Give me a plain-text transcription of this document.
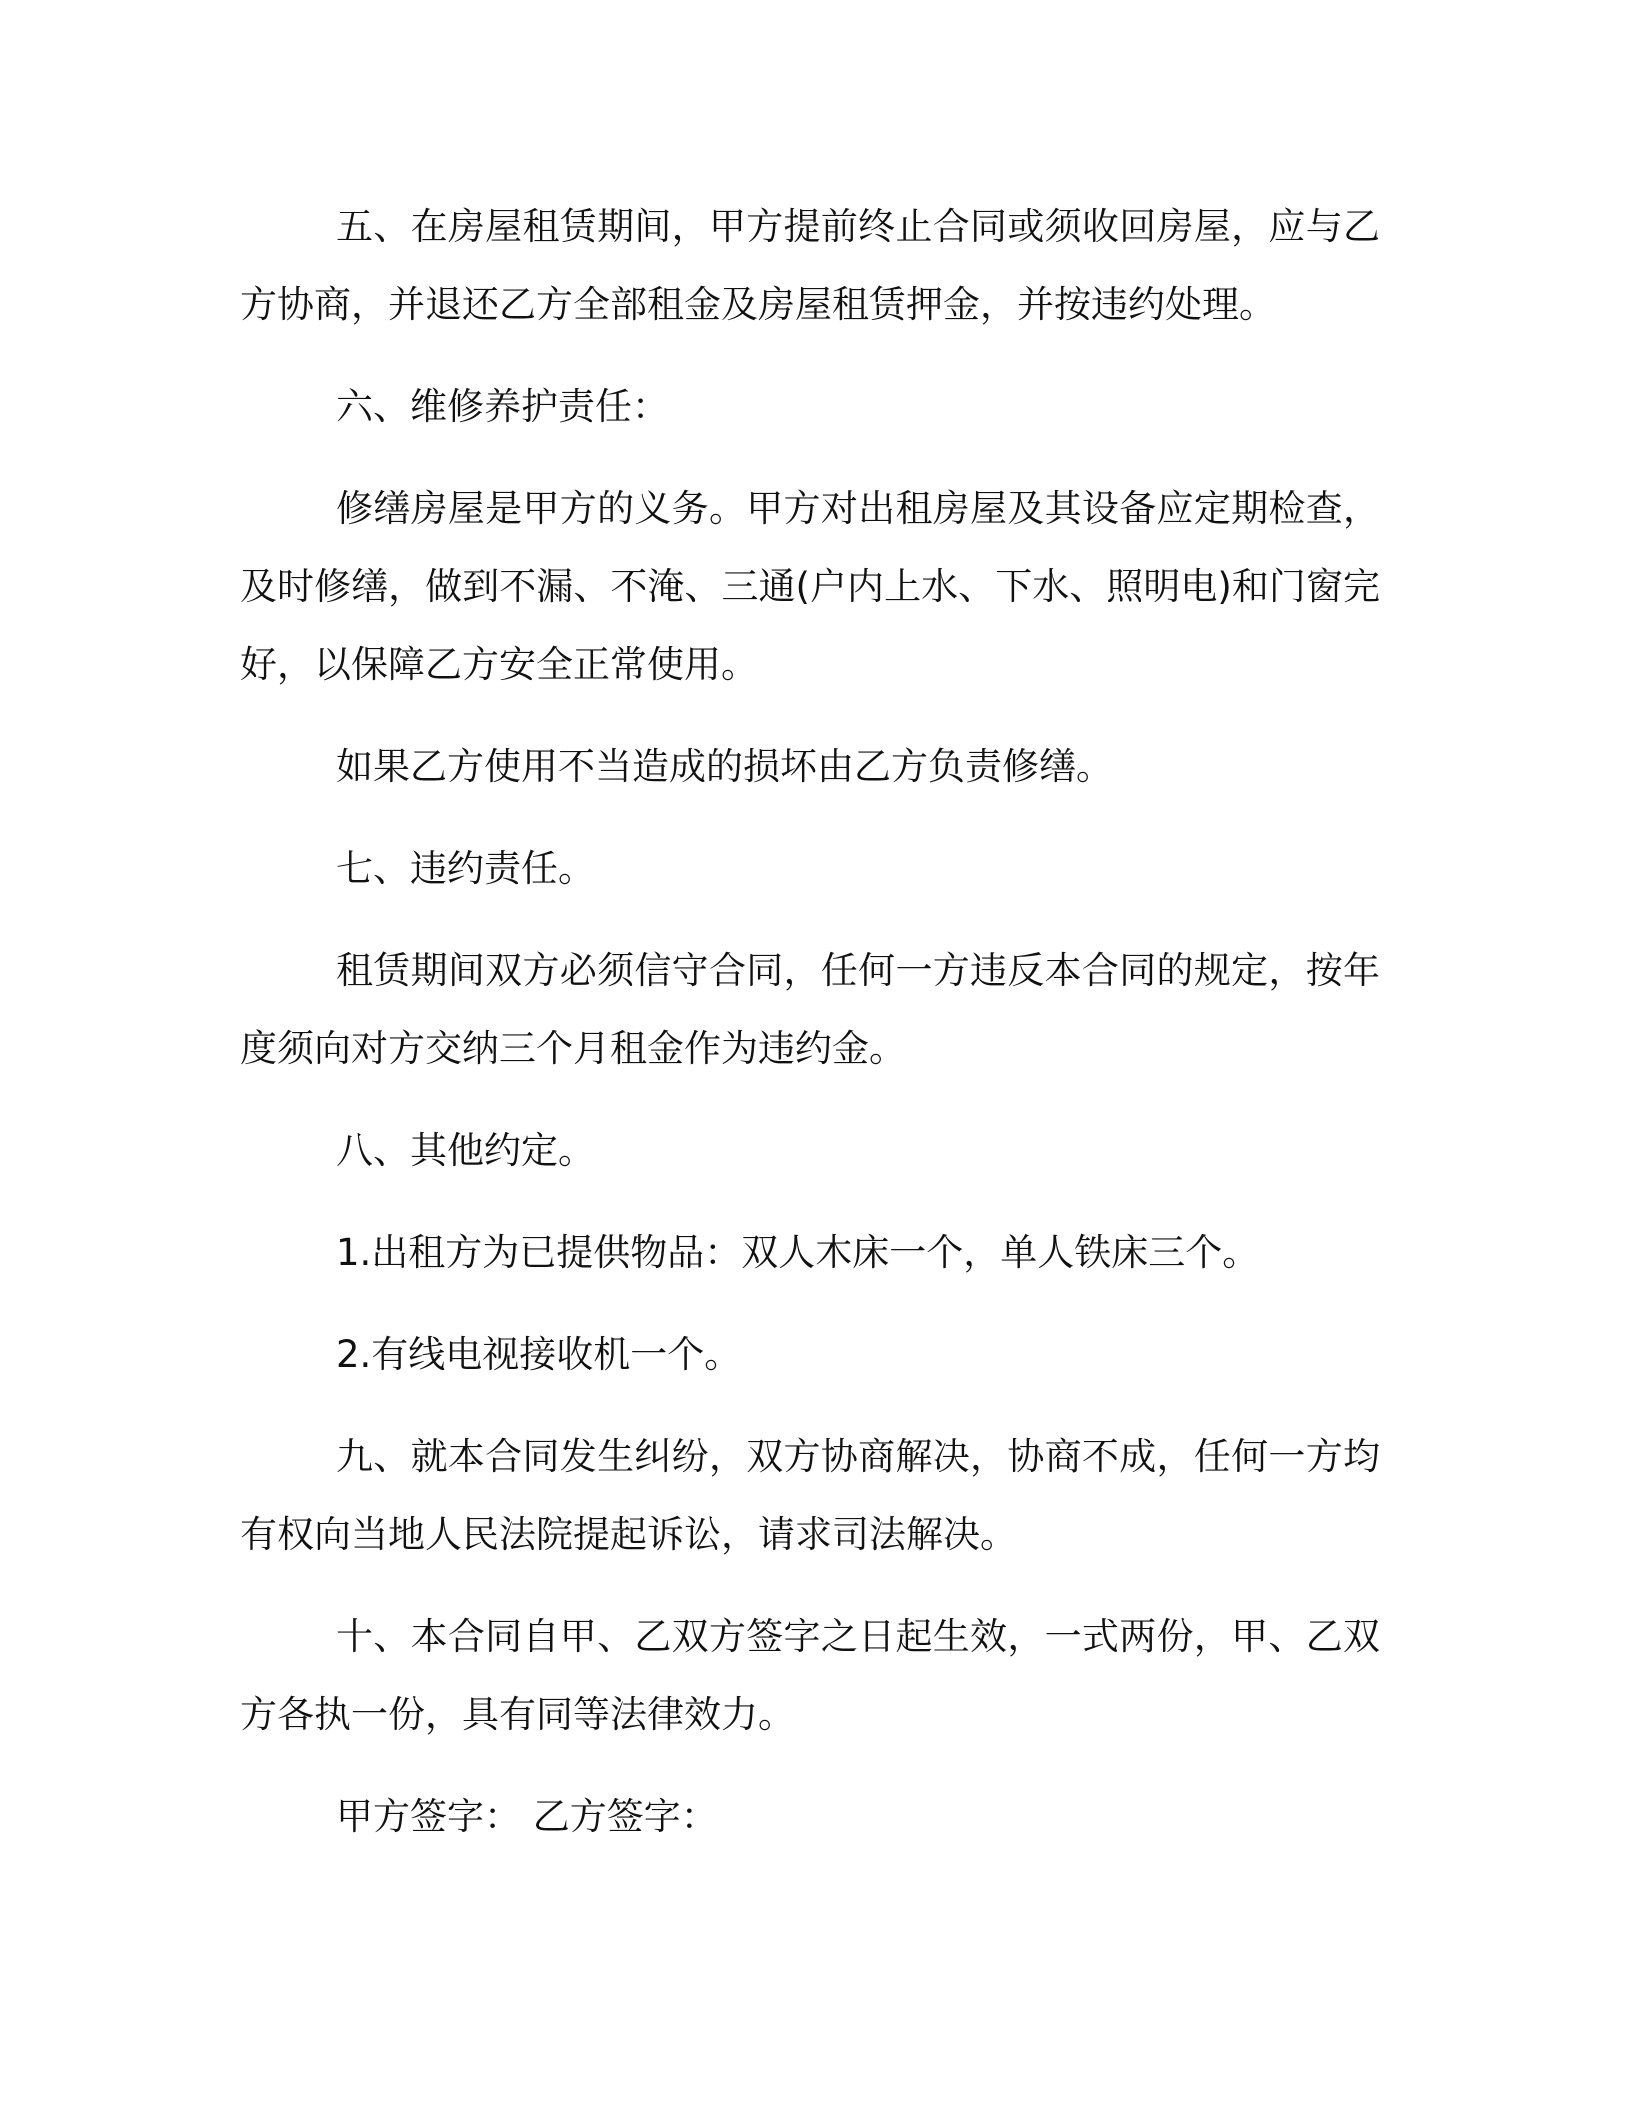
五、在房屋租赁期间，甲方提前终止合同或须收回房屋，应与乙方协商，并退还乙方全部租金及房屋租赁押金，并按违约处理。

六、维修养护责任：

修缮房屋是甲方的义务。甲方对出租房屋及其设备应定期检查，及时修缮，做到不漏、不淹、三通(户内上水、下水、照明电)和门窗完好，以保障乙方安全正常使用。

如果乙方使用不当造成的损坏由乙方负责修缮。

七、违约责任。

租赁期间双方必须信守合同，任何一方违反本合同的规定，按年度须向对方交纳三个月租金作为违约金。

八、其他约定。

1.出租方为已提供物品：双人木床一个，单人铁床三个。

2.有线电视接收机一个。

九、就本合同发生纠纷，双方协商解决，协商不成，任何一方均有权向当地人民法院提起诉讼，请求司法解决。

十、本合同自甲、乙双方签字之日起生效，一式两份，甲、乙双方各执一份，具有同等法律效力。

甲方签字： 乙方签字：
